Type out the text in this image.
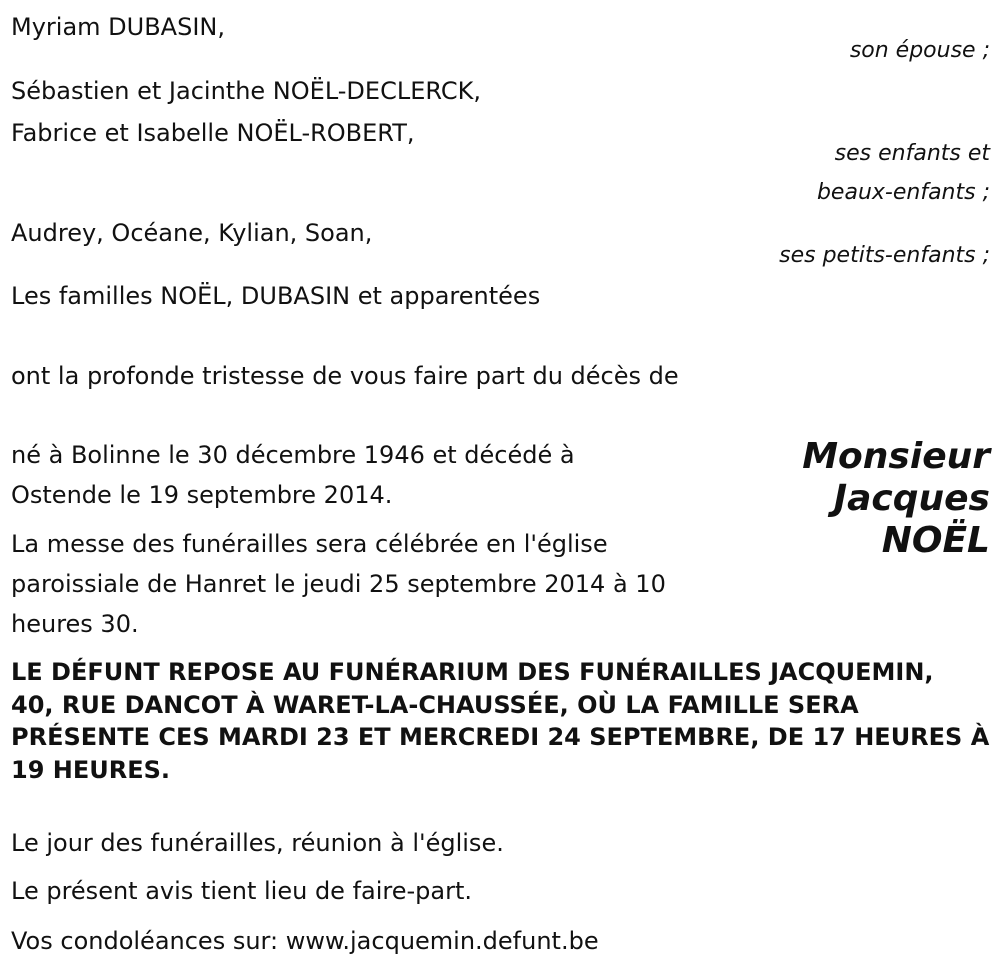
Myriam DUBASIN,
son épouse ;
Sébastien et Jacinthe NOËL-DECLERCK,
Fabrice et Isabelle NOËL-ROBERT,
ses enfants et
beaux-enfants ;
Audrey, Océane, Kylian, Soan,
ses petits-enfants ;
Les familles NOËL, DUBASIN et apparentées
ont la profonde tristesse de vous faire part du décès de
Monsieur
Jacques
NOËL
né à Bolinne le 30 décembre 1946 et décédé à
Ostende le 19 septembre 2014.
La messe des funérailles sera célébrée en l'église
paroissiale de Hanret le jeudi 25 septembre 2014 à 10
heures 30.
LE DÉFUNT REPOSE AU FUNÉRARIUM DES FUNÉRAILLES JACQUEMIN,
40, RUE DANCOT À WARET-LA-CHAUSSÉE, OÙ LA FAMILLE SERA
PRÉSENTE CES MARDI 23 ET MERCREDI 24 SEPTEMBRE, DE 17 HEURES À
19 HEURES.
Le jour des funérailles, réunion à l'église.
Le présent avis tient lieu de faire-part.
Vos condoléances sur: www.jacquemin.defunt.be
